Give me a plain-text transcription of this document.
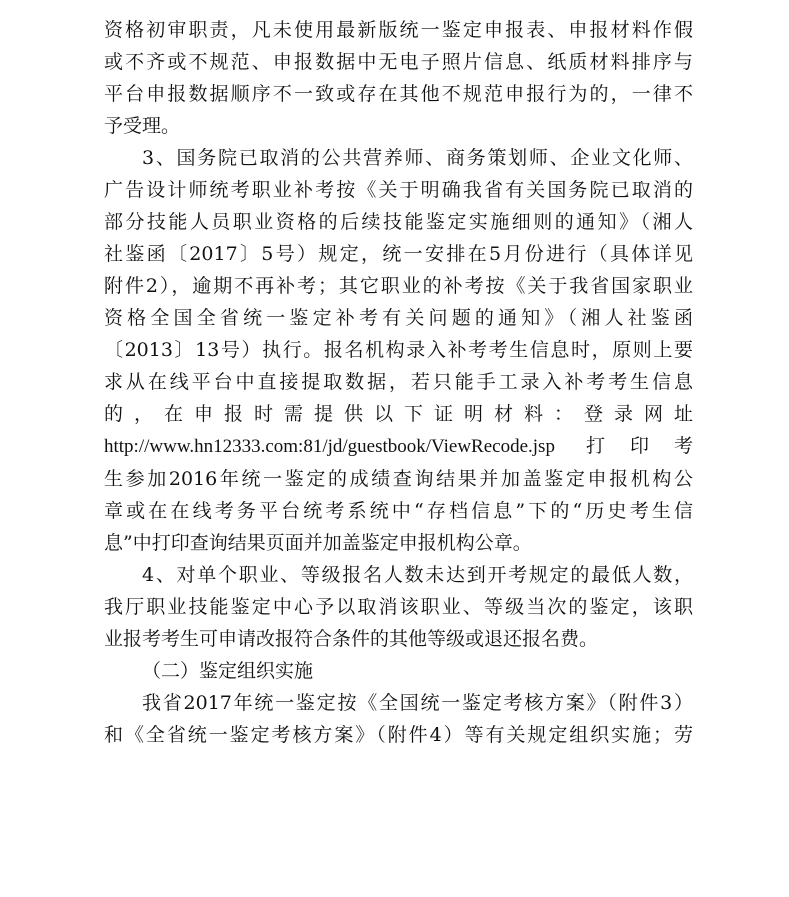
资格初审职责，凡未使用最新版统一鉴定申报表、申报材料作假
或不齐或不规范、申报数据中无电子照片信息、纸质材料排序与
平台申报数据顺序不一致或存在其他不规范申报行为的，一律不
予受理。

3、国务院已取消的公共营养师、商务策划师、企业文化师、
广告设计师统考职业补考按《关于明确我省有关国务院已取消的
部分技能人员职业资格的后续技能鉴定实施细则的通知》（湘人
社鉴函〔2017〕5号）规定，统一安排在5月份进行（具体详见
附件2），逾期不再补考；其它职业的补考按《关于我省国家职业
资格全国全省统一鉴定补考有关问题的通知》（湘人社鉴函
〔2013〕13号）执行。报名机构录入补考考生信息时，原则上要
求从在线平台中直接提取数据，若只能手工录入补考考生信息
的，在申报时需提供以下证明材料：登录网址
http://www.hn12333.com:81/jd/guestbook/ViewRecode.jsp 打印考
生参加2016年统一鉴定的成绩查询结果并加盖鉴定申报机构公
章或在在线考务平台统考系统中“存档信息”下的“历史考生信
息”中打印查询结果页面并加盖鉴定申报机构公章。

4、对单个职业、等级报名人数未达到开考规定的最低人数，
我厅职业技能鉴定中心予以取消该职业、等级当次的鉴定，该职
业报考考生可申请改报符合条件的其他等级或退还报名费。

（二）鉴定组织实施

我省2017年统一鉴定按《全国统一鉴定考核方案》（附件3）
和《全省统一鉴定考核方案》（附件4）等有关规定组织实施；劳
